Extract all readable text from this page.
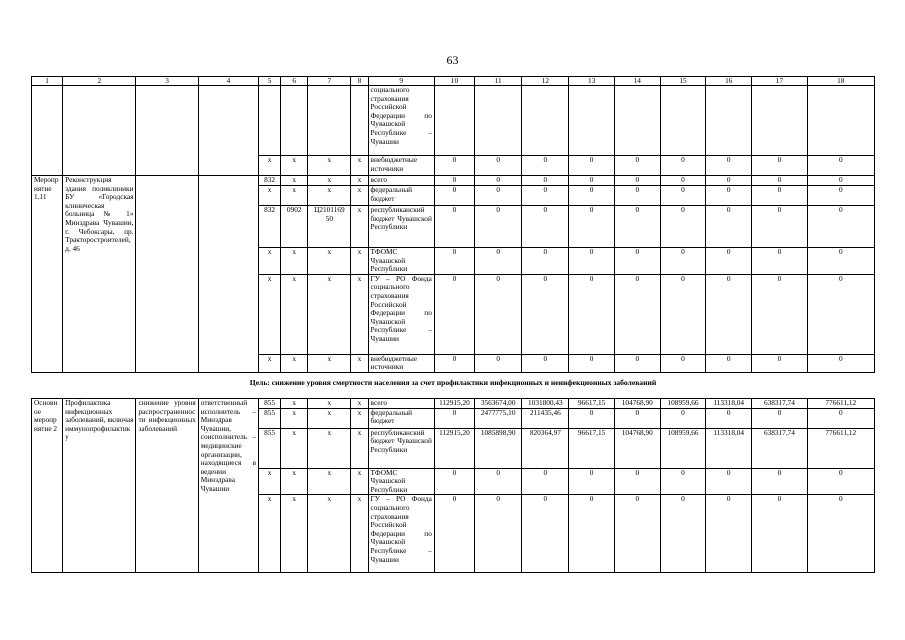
63
1	2	3	4	5	6	7	8	9	10	11	12	13	14	15	16	17	18
								социального страхования Российской Федерации по Чувашской Республике – Чувашии									
				х	х	х	х	внебюджетные источники	0	0	0	0	0	0	0	0	0
Мероприятие 1.11	Реконструкция здания поликлиники БУ «Городская клиническая больница № 1» Минздрава Чувашии, г. Чебоксары, пр. Тракторостроителей, д. 46			832	х	х	х	всего	0	0	0	0	0	0	0	0	0
				х	х	х	х	федеральный бюджет	0	0	0	0	0	0	0	0	0
				832	0902	Ц2101169 50	х	республиканский бюджет Чувашской Республики	0	0	0	0	0	0	0	0	0
				х	х	х	х	ТФОМС Чувашской Республики	0	0	0	0	0	0	0	0	0
				х	х	х	х	ГУ – РО Фонда социального страхования Российской Федерации по Чувашской Республике – Чувашии	0	0	0	0	0	0	0	0	0
				х	х	х	х	внебюджетные источники	0	0	0	0	0	0	0	0	0
Цель: снижение уровня смертности населения за счет профилактики инфекционных и неинфекционных заболеваний
Основное мероприятие 2	Профилактика инфекционных заболеваний, включая иммунопрофилактику	снижение уровня распространенности инфекционных заболеваний	ответственный исполнитель – Минздрав Чувашии, соисполнитель – медицинские организации, находящиеся в ведении Минздрава Чувашии	855	х	х	х	всего	112915,20	3563674,00	1031800,43	96617,15	104768,90	108959,66	113318,04	638317,74	776611,12
				855	х	х	х	федеральный бюджет	0	2477775,10	211435,46	0	0	0	0	0	0
				855	х	х	х	республиканский бюджет Чувашской Республики	112915,20	1085898,90	820364,97	96617,15	104768,90	108959,66	113318,04	638317,74	776611,12
				х	х	х	х	ТФОМС Чувашской Республики	0	0	0	0	0	0	0	0	0
				х	х	х	х	ГУ – РО Фонда социального страхования Российской Федерации по Чувашской Республике – Чувашии	0	0	0	0	0	0	0	0	0
